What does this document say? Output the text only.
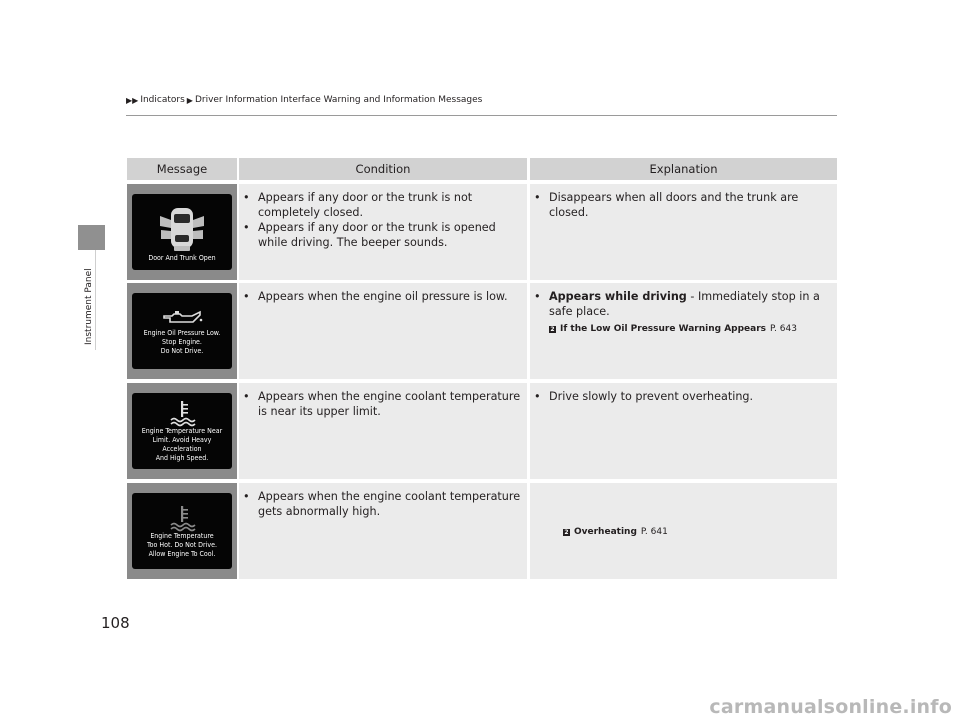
Instrument Panel
▶▶ Indicators ▶ Driver Information Interface Warning and Information Messages
Message	Condition	Explanation
Door And Trunk Open
• Appears if any door or the trunk is not completely closed.
• Appears if any door or the trunk is opened while driving. The beeper sounds.
• Disappears when all doors and the trunk are closed.
Engine Oil Pressure Low.
Stop Engine.
Do Not Drive.
• Appears when the engine oil pressure is low.
•	Appears while driving - Immediately stop in a safe place.
2 If the Low Oil Pressure Warning Appears P. 643
Engine Temperature Near
Limit. Avoid Heavy
Acceleration
And High Speed.
• Appears when the engine coolant temperature is near its upper limit.
• Drive slowly to prevent overheating.
Engine Temperature
Too Hot. Do Not Drive.
Allow Engine To Cool.
• Appears when the engine coolant temperature gets abnormally high.
2 Overheating P. 641
108
carmanualsonline.info
